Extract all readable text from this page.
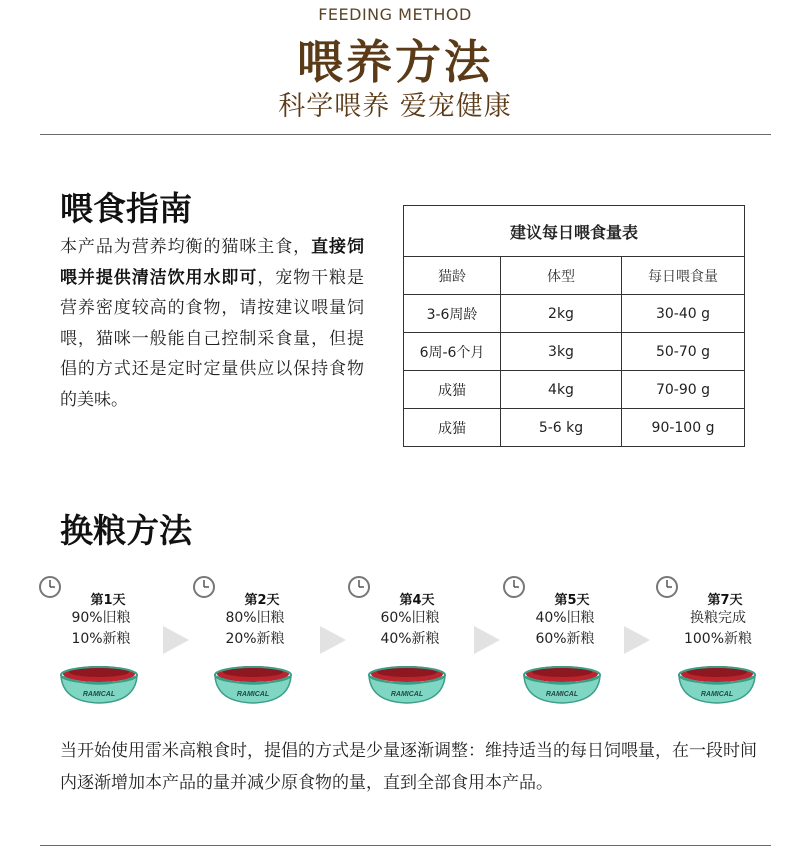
FEEDING METHOD
喂养方法
科学喂养 爱宠健康
喂食指南
本产品为营养均衡的猫咪主食，直接饲喂并提供清洁饮用水即可，宠物干粮是营养密度较高的食物，请按建议喂量饲喂，猫咪一般能自己控制采食量，但提倡的方式还是定时定量供应以保持食物的美味。
建议每日喂食量表		
猫龄	体型	每日喂食量
3-6周龄	2kg	30-40 g
6周-6个月	3kg	50-70 g
成猫	4kg	70-90 g
成猫	5-6 kg	90-100 g
换粮方法
第1天
90%旧粮
10%新粮
第2天
80%旧粮
20%新粮
第4天
60%旧粮
40%新粮
第5天
40%旧粮
60%新粮
第7天
换粮完成
100%新粮
RAMICAL	RAMICAL	RAMICAL	RAMICAL	RAMICAL
当开始使用雷米高粮食时，提倡的方式是少量逐渐调整：维持适当的每日饲喂量，在一段时间内逐渐增加本产品的量并减少原食物的量，直到全部食用本产品。
